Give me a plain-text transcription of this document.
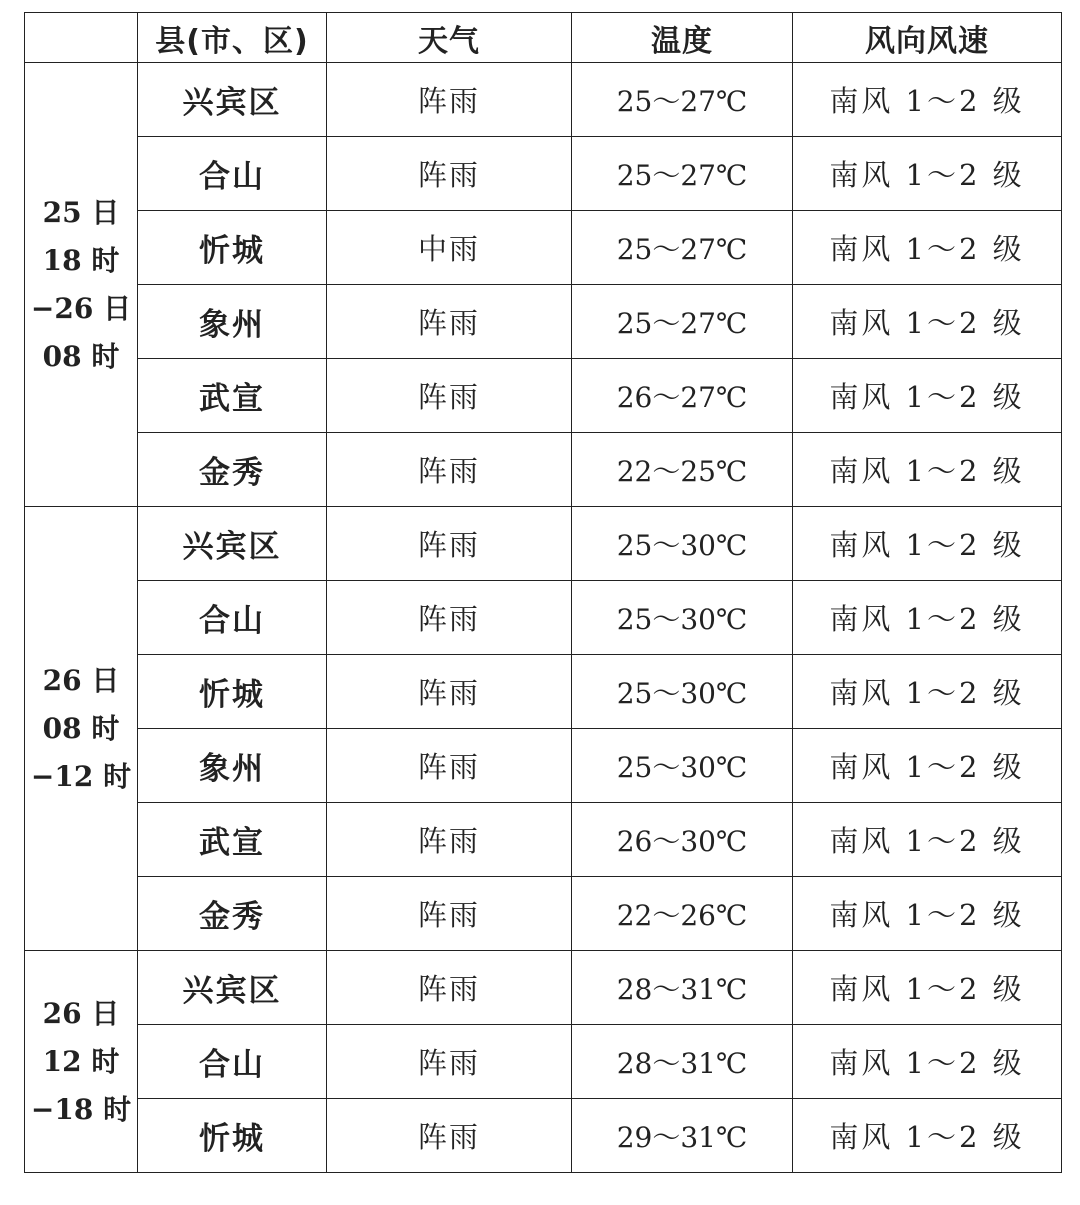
	县(市、区)	天气	温度	风向风速

25 日
18 时
−26 日
08 时	兴宾区	阵雨	25～27℃	南风 1～2 级
	合山	阵雨	25～27℃	南风 1～2 级
	忻城	中雨	25～27℃	南风 1～2 级
	象州	阵雨	25～27℃	南风 1～2 级
	武宣	阵雨	26～27℃	南风 1～2 级
	金秀	阵雨	22～25℃	南风 1～2 级

26 日
08 时
−12 时	兴宾区	阵雨	25～30℃	南风 1～2 级
	合山	阵雨	25～30℃	南风 1～2 级
	忻城	阵雨	25～30℃	南风 1～2 级
	象州	阵雨	25～30℃	南风 1～2 级
	武宣	阵雨	26～30℃	南风 1～2 级
	金秀	阵雨	22～26℃	南风 1～2 级

26 日
12 时
−18 时	兴宾区	阵雨	28～31℃	南风 1～2 级
	合山	阵雨	28～31℃	南风 1～2 级
	忻城	阵雨	29～31℃	南风 1～2 级
